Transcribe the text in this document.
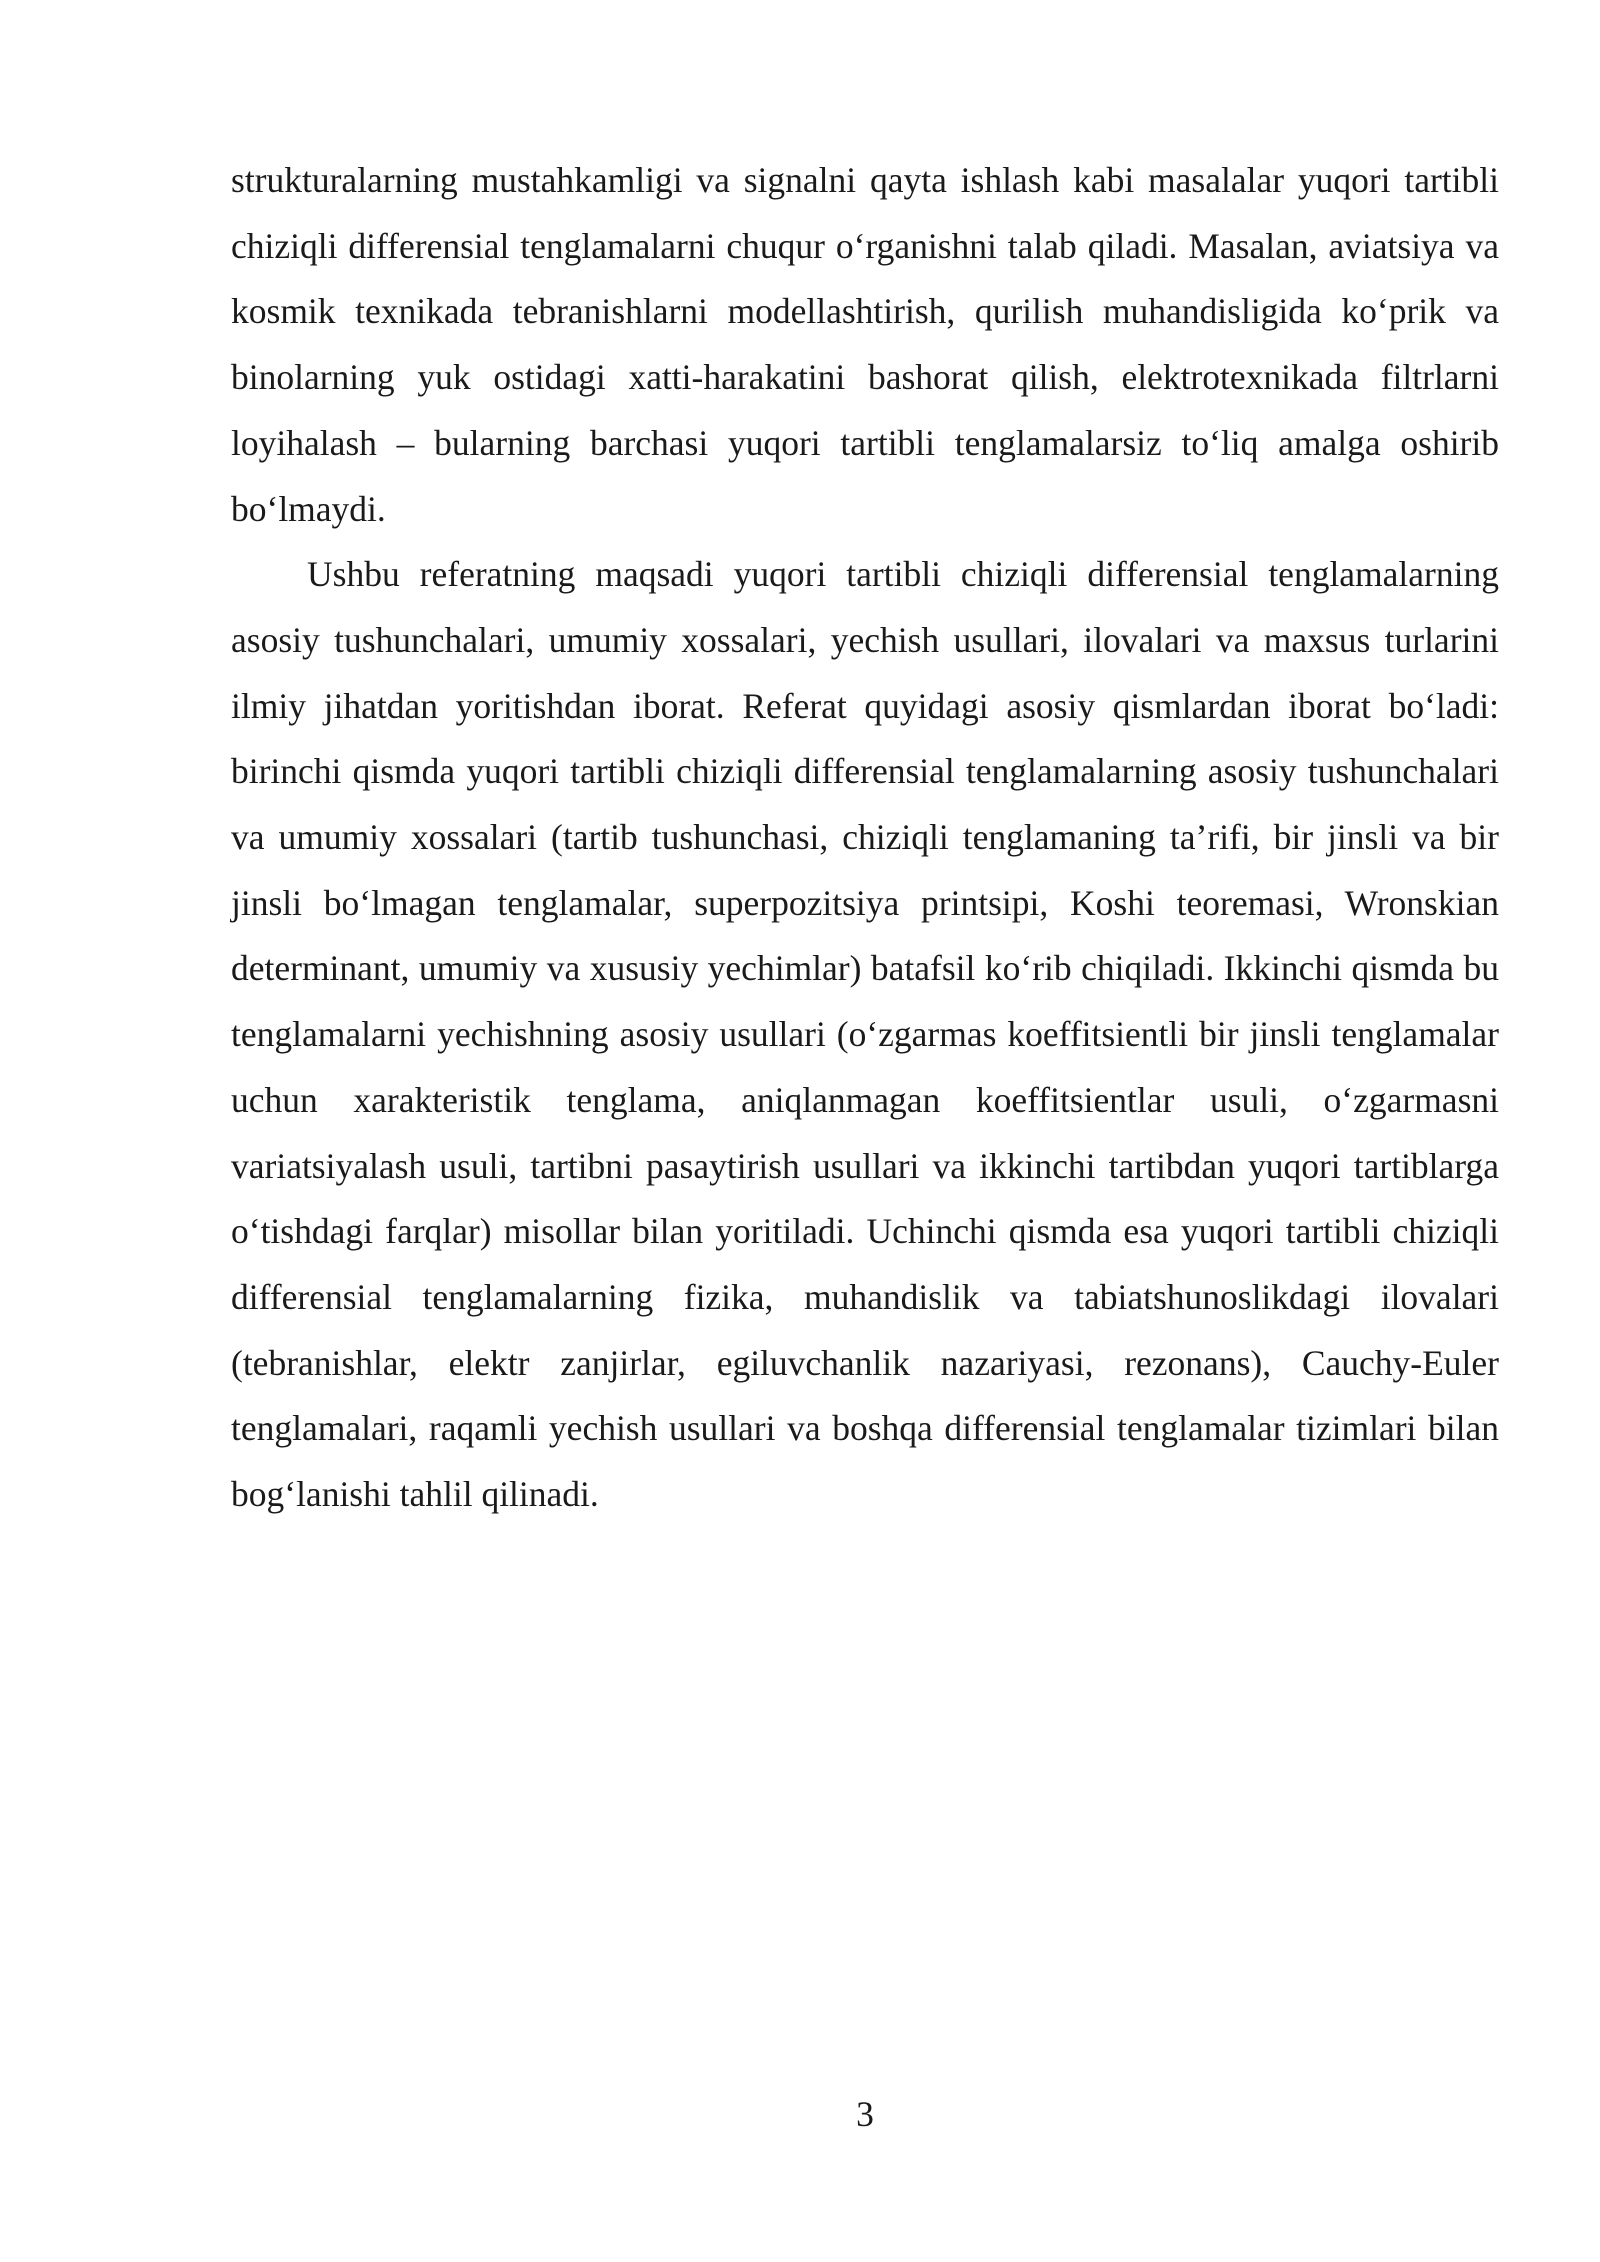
strukturalarning mustahkamligi va signalni qayta ishlash kabi masalalar yuqori tartibli chiziqli differensial tenglamalarni chuqur o‘rganishni talab qiladi. Masalan, aviatsiya va kosmik texnikada tebranishlarni modellashtirish, qurilish muhandisligida ko‘prik va binolarning yuk ostidagi xatti-harakatini bashorat qilish, elektrotexnikada filtrlarni loyihalash – bularning barchasi yuqori tartibli tenglamalarsiz to‘liq amalga oshirib bo‘lmaydi.

Ushbu referatning maqsadi yuqori tartibli chiziqli differensial tenglamalarning asosiy tushunchalari, umumiy xossalari, yechish usullari, ilovalari va maxsus turlarini ilmiy jihatdan yoritishdan iborat. Referat quyidagi asosiy qismlardan iborat bo‘ladi: birinchi qismda yuqori tartibli chiziqli differensial tenglamalarning asosiy tushunchalari va umumiy xossalari (tartib tushunchasi, chiziqli tenglamaning ta’rifi, bir jinsli va bir jinsli bo‘lmagan tenglamalar, superpozitsiya printsipi, Koshi teoremasi, Wronskian determinant, umumiy va xususiy yechimlar) batafsil ko‘rib chiqiladi. Ikkinchi qismda bu tenglamalarni yechishning asosiy usullari (o‘zgarmas koeffitsientli bir jinsli tenglamalar uchun xarakteristik tenglama, aniqlanmagan koeffitsientlar usuli, o‘zgarmasni variatsiyalash usuli, tartibni pasaytirish usullari va ikkinchi tartibdan yuqori tartiblarga o‘tishdagi farqlar) misollar bilan yoritiladi. Uchinchi qismda esa yuqori tartibli chiziqli differensial tenglamalarning fizika, muhandislik va tabiatshunoslikdagi ilovalari (tebranishlar, elektr zanjirlar, egiluvchanlik nazariyasi, rezonans), Cauchy-Euler tenglamalari, raqamli yechish usullari va boshqa differensial tenglamalar tizimlari bilan bog‘lanishi tahlil qilinadi.

3
